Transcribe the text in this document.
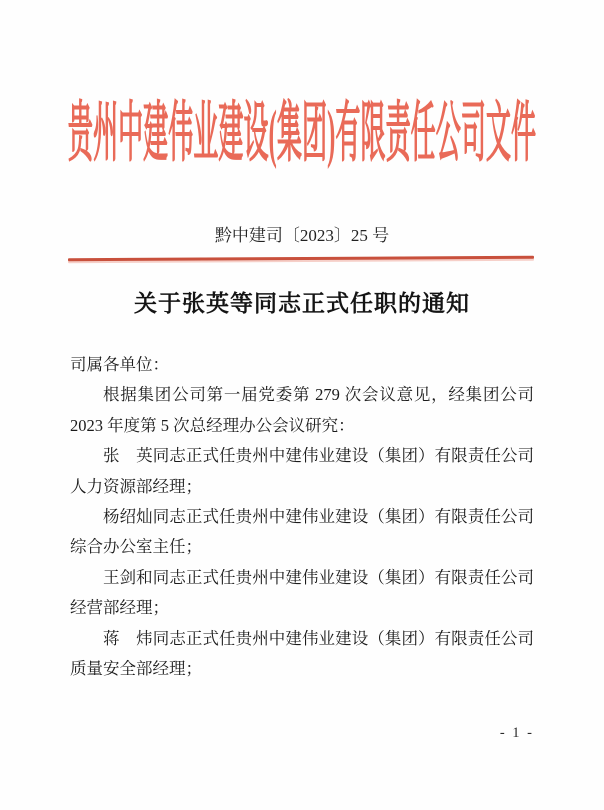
贵州中建伟业建设(集团)有限责任公司文件
黔中建司〔2023〕25 号
关于张英等同志正式任职的通知

司属各单位：

根据集团公司第一届党委第 279 次会议意见，经集团公司 2023 年度第 5 次总经理办公会议研究：

张　英同志正式任贵州中建伟业建设（集团）有限责任公司人力资源部经理；

杨绍灿同志正式任贵州中建伟业建设（集团）有限责任公司综合办公室主任；

王剑和同志正式任贵州中建伟业建设（集团）有限责任公司经营部经理；

蒋　炜同志正式任贵州中建伟业建设（集团）有限责任公司质量安全部经理；

- 1 -
